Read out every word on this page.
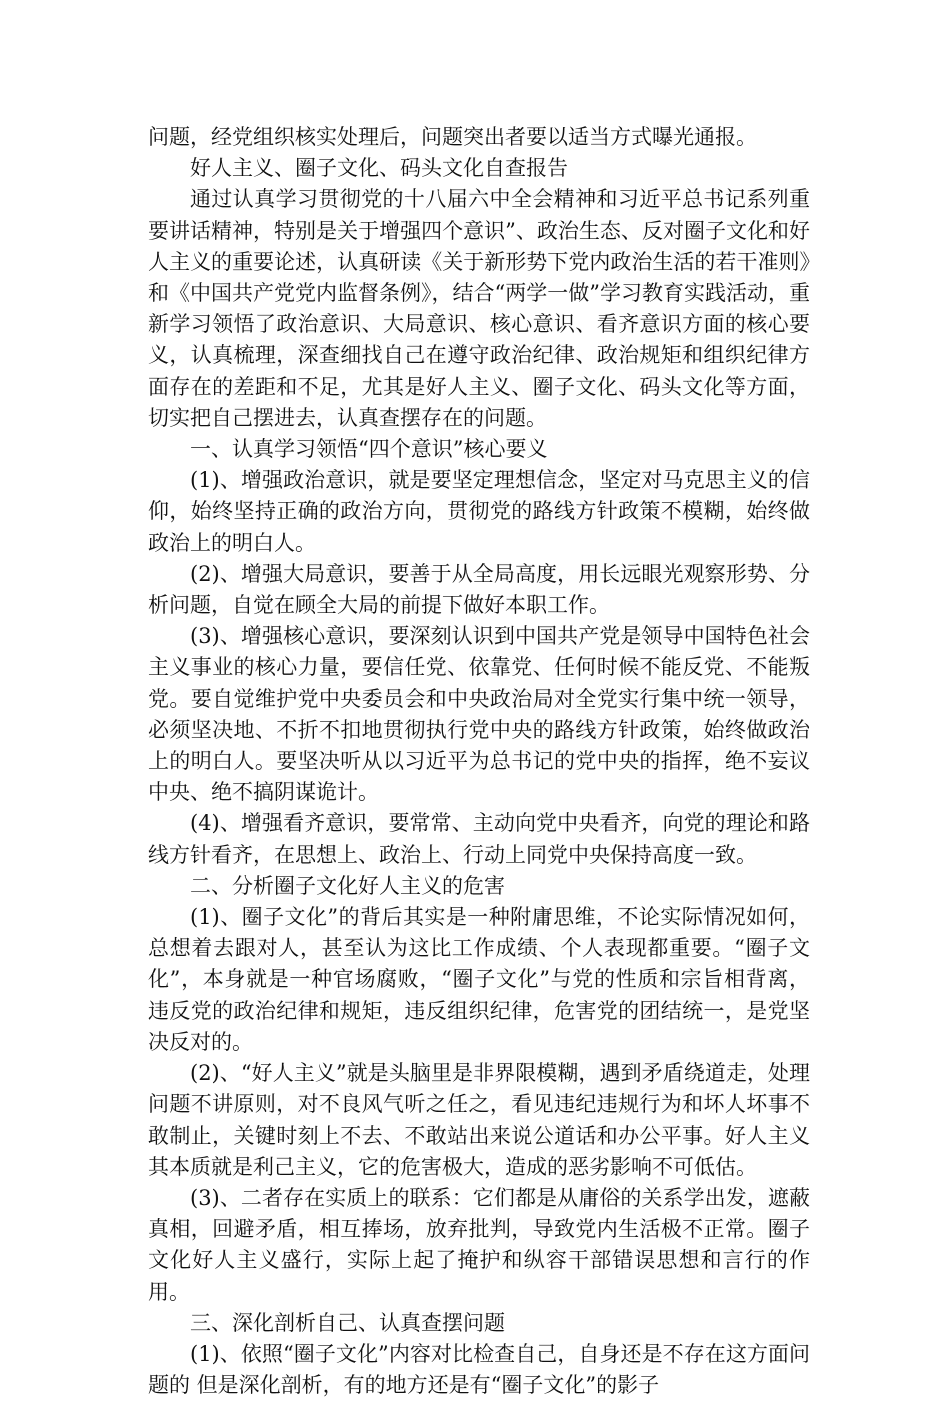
问题，经党组织核实处理后，问题突出者要以适当方式曝光通报。

好人主义、圈子文化、码头文化自查报告

通过认真学习贯彻党的十八届六中全会精神和习近平总书记系列重要讲话精神，特别是关于增强四个意识”、政治生态、反对圈子文化和好人主义的重要论述，认真研读《关于新形势下党内政治生活的若干准则》和《中国共产党党内监督条例》，结合“两学一做”学习教育实践活动，重新学习领悟了政治意识、大局意识、核心意识、看齐意识方面的核心要义，认真梳理，深查细找自己在遵守政治纪律、政治规矩和组织纪律方面存在的差距和不足，尤其是好人主义、圈子文化、码头文化等方面，切实把自己摆进去，认真查摆存在的问题。

一、认真学习领悟“四个意识”核心要义

(1)、增强政治意识，就是要坚定理想信念，坚定对马克思主义的信仰，始终坚持正确的政治方向，贯彻党的路线方针政策不模糊，始终做政治上的明白人。

(2)、增强大局意识，要善于从全局高度，用长远眼光观察形势、分析问题，自觉在顾全大局的前提下做好本职工作。

(3)、增强核心意识，要深刻认识到中国共产党是领导中国特色社会主义事业的核心力量，要信任党、依靠党、任何时候不能反党、不能叛党。要自觉维护党中央委员会和中央政治局对全党实行集中统一领导，必须坚决地、不折不扣地贯彻执行党中央的路线方针政策，始终做政治上的明白人。要坚决听从以习近平为总书记的党中央的指挥，绝不妄议中央、绝不搞阴谋诡计。

(4)、增强看齐意识，要常常、主动向党中央看齐，向党的理论和路线方针看齐，在思想上、政治上、行动上同党中央保持高度一致。

二、分析圈子文化好人主义的危害

(1)、圈子文化”的背后其实是一种附庸思维，不论实际情况如何，总想着去跟对人，甚至认为这比工作成绩、个人表现都重要。“圈子文化”，本身就是一种官场腐败，“圈子文化”与党的性质和宗旨相背离，违反党的政治纪律和规矩，违反组织纪律，危害党的团结统一，是党坚决反对的。

(2)、“好人主义”就是头脑里是非界限模糊，遇到矛盾绕道走，处理问题不讲原则，对不良风气听之任之，看见违纪违规行为和坏人坏事不敢制止，关键时刻上不去、不敢站出来说公道话和办公平事。好人主义其本质就是利己主义，它的危害极大，造成的恶劣影响不可低估。

(3)、二者存在实质上的联系：它们都是从庸俗的关系学出发，遮蔽真相，回避矛盾，相互捧场，放弃批判，导致党内生活极不正常。圈子文化好人主义盛行，实际上起了掩护和纵容干部错误思想和言行的作用。

三、深化剖析自己、认真查摆问题

(1)、依照“圈子文化”内容对比检查自己，自身还是不存在这方面问题的 但是深化剖析，有的地方还是有“圈子文化”的影子
